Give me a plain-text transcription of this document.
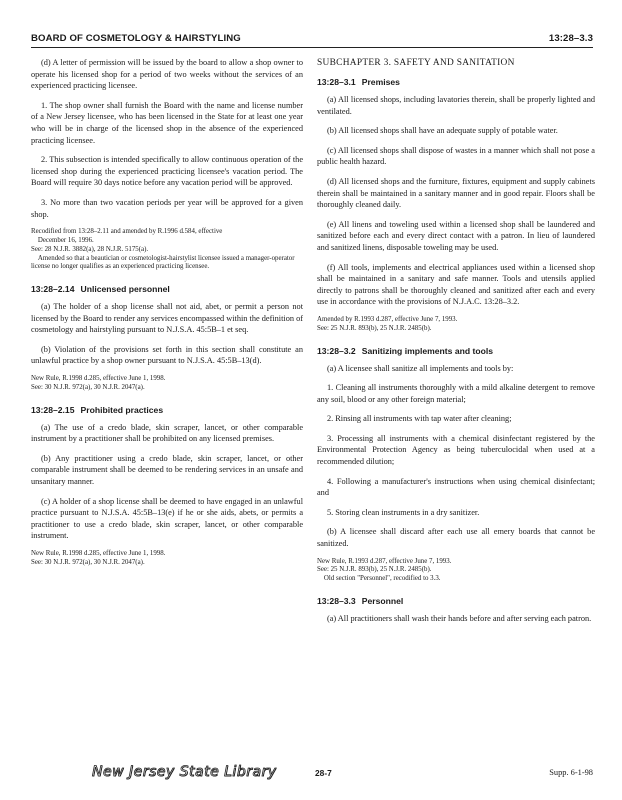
BOARD OF COSMETOLOGY & HAIRSTYLING	13:28–3.3

(d) A letter of permission will be issued by the board to allow a shop owner to operate his licensed shop for a period of two weeks without the services of an experienced practicing licensee.

1. The shop owner shall furnish the Board with the name and license number of a New Jersey licensee, who has been licensed in the State for at least one year who will be in charge of the licensed shop in the absence of the experienced practicing licensee.

2. This subsection is intended specifically to allow continuous operation of the licensed shop during the experienced practicing licensee's vacation period. The Board will require 30 days notice before any vacation period will be approved.

3. No more than two vacation periods per year will be approved for a given shop.

Recodified from 13:28–2.11 and amended by R.1996 d.584, effective

December 16, 1996.

See: 28 N.J.R. 3882(a), 28 N.J.R. 5175(a).

Amended so that a beautician or cosmetologist-hairstylist licensee issued a manager-operator license no longer qualifies as an experienced practicing licensee.

13:28–2.14 Unlicensed personnel

(a) The holder of a shop license shall not aid, abet, or permit a person not licensed by the Board to render any services encompassed within the definition of cosmetology and hairstyling pursuant to N.J.S.A. 45:5B–1 et seq.

(b) Violation of the provisions set forth in this section shall constitute an unlawful practice by a shop owner pursuant to N.J.S.A. 45:5B–13(d).

New Rule, R.1998 d.285, effective June 1, 1998.

See: 30 N.J.R. 972(a), 30 N.J.R. 2047(a).

13:28–2.15 Prohibited practices

(a) The use of a credo blade, skin scraper, lancet, or other comparable instrument by a practitioner shall be prohibited on any licensed premises.

(b) Any practitioner using a credo blade, skin scraper, lancet, or other comparable instrument shall be deemed to be rendering services in an unsafe and unsanitary manner.

(c) A holder of a shop license shall be deemed to have engaged in an unlawful practice pursuant to N.J.S.A. 45:5B–13(e) if he or she aids, abets, or permits a practitioner to use a credo blade, skin scraper, lancet, or other comparable instrument.

New Rule, R.1998 d.285, effective June 1, 1998.

See: 30 N.J.R. 972(a), 30 N.J.R. 2047(a).

SUBCHAPTER 3. SAFETY AND SANITATION
13:28–3.1 Premises

(a) All licensed shops, including lavatories therein, shall be properly lighted and ventilated.

(b) All licensed shops shall have an adequate supply of potable water.

(c) All licensed shops shall dispose of wastes in a manner which shall not pose a public health hazard.

(d) All licensed shops and the furniture, fixtures, equipment and supply cabinets therein shall be maintained in a sanitary manner and in good repair. Floors shall be thoroughly cleaned daily.

(e) All linens and toweling used within a licensed shop shall be laundered and sanitized before each and every direct contact with a patron. In lieu of laundered and sanitized linens, disposable toweling may be used.

(f) All tools, implements and electrical appliances used within a licensed shop shall be maintained in a sanitary and safe manner. Tools and utensils applied directly to patrons shall be thoroughly cleaned and sanitized after each and every use in accordance with the provisions of N.J.A.C. 13:28–3.2.

Amended by R.1993 d.287, effective June 7, 1993.

See: 25 N.J.R. 893(b), 25 N.J.R. 2485(b).

13:28–3.2 Sanitizing implements and tools

(a) A licensee shall sanitize all implements and tools by:

1. Cleaning all instruments thoroughly with a mild alkaline detergent to remove any soil, blood or any other foreign material;

2. Rinsing all instruments with tap water after cleaning;

3. Processing all instruments with a chemical disinfectant registered by the Environmental Protection Agency as being tuberculocidal when used at a recommended dilution;

4. Following a manufacturer's instructions when using chemical disinfectant; and

5. Storing clean instruments in a dry sanitizer.

(b) A licensee shall discard after each use all emery boards that cannot be sanitized.

New Rule, R.1993 d.287, effective June 7, 1993.

See: 25 N.J.R. 893(b), 25 N.J.R. 2485(b).

Old section "Personnel", recodified to 3.3.

13:28–3.3 Personnel

(a) All practitioners shall wash their hands before and after serving each patron.

New Jersey State Library	28-7	Supp. 6-1-98
